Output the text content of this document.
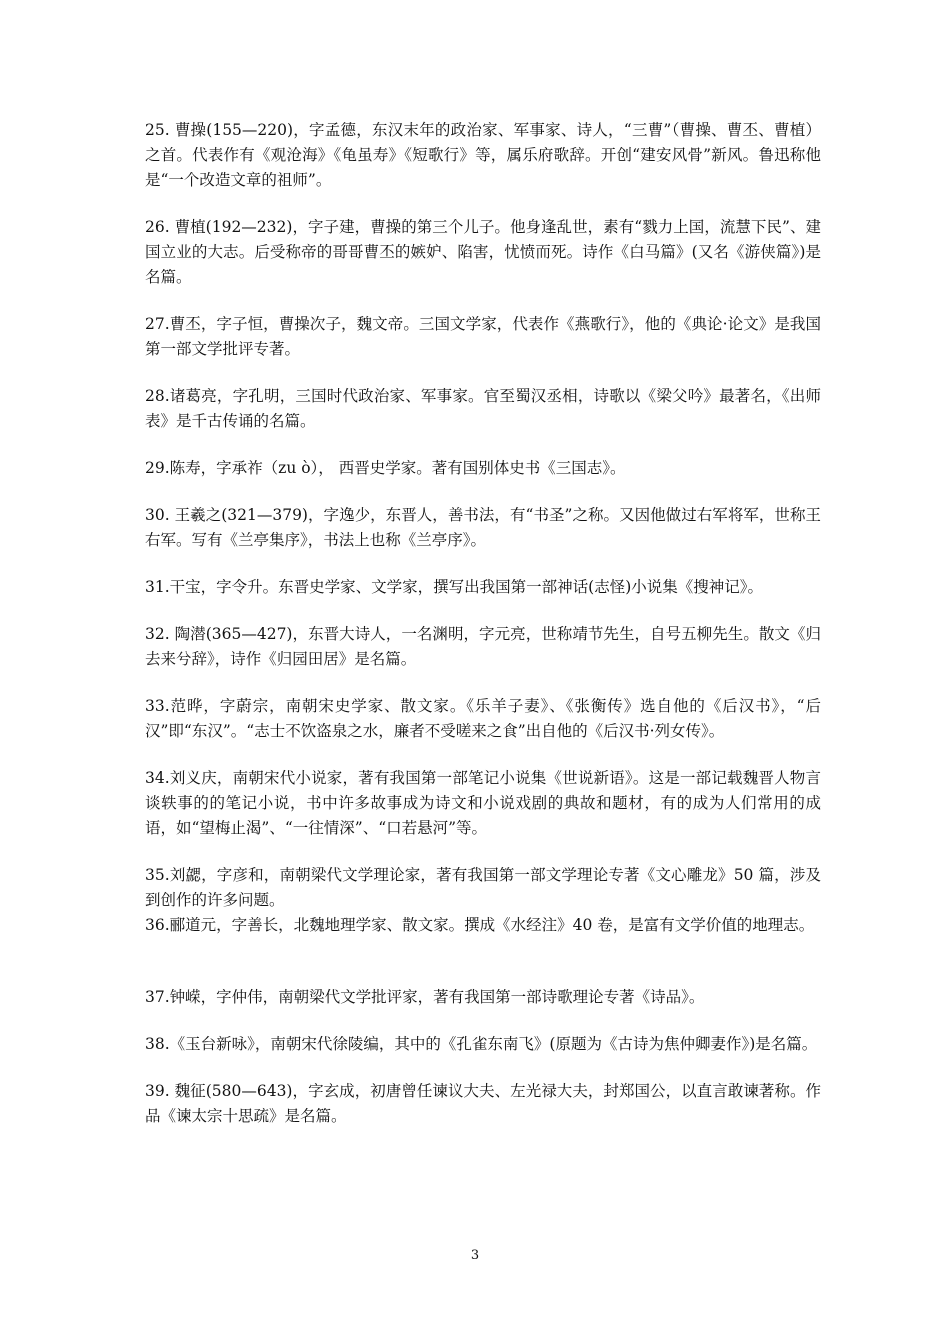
25. 曹操(155—220)，字孟德，东汉末年的政治家、军事家、诗人，“三曹”（曹操、曹丕、曹植）之首。代表作有《观沧海》《龟虽寿》《短歌行》等，属乐府歌辞。开创“建安风骨”新风。鲁迅称他是“一个改造文章的祖师”。

26. 曹植(192—232)，字子建，曹操的第三个儿子。他身逢乱世，素有“戮力上国，流慧下民”、建国立业的大志。后受称帝的哥哥曹丕的嫉妒、陷害，忧愤而死。诗作《白马篇》(又名《游侠篇》)是名篇。

27.曹丕，字子恒，曹操次子，魏文帝。三国文学家，代表作《燕歌行》，他的《典论·论文》是我国第一部文学批评专著。

28.诸葛亮，字孔明，三国时代政治家、军事家。官至蜀汉丞相，诗歌以《梁父吟》最著名，《出师表》是千古传诵的名篇。

29.陈寿，字承祚（zu ò）， 西晋史学家。著有国别体史书《三国志》。

30. 王羲之(321—379)，字逸少，东晋人，善书法，有“书圣”之称。又因他做过右军将军，世称王右军。写有《兰亭集序》，书法上也称《兰亭序》。

31.干宝，字令升。东晋史学家、文学家，撰写出我国第一部神话(志怪)小说集《搜神记》。

32. 陶潜(365—427)，东晋大诗人，一名渊明，字元亮，世称靖节先生，自号五柳先生。散文《归去来兮辞》，诗作《归园田居》是名篇。

33.范晔，字蔚宗，南朝宋史学家、散文家。《乐羊子妻》、《张衡传》选自他的《后汉书》，“后汉”即“东汉”。“志士不饮盗泉之水，廉者不受嗟来之食”出自他的《后汉书·列女传》。

34.刘义庆，南朝宋代小说家，著有我国第一部笔记小说集《世说新语》。这是一部记载魏晋人物言谈轶事的的笔记小说，书中许多故事成为诗文和小说戏剧的典故和题材，有的成为人们常用的成语，如“望梅止渴”、“一往情深”、“口若悬河”等。

35.刘勰，字彦和，南朝梁代文学理论家，著有我国第一部文学理论专著《文心雕龙》50 篇，涉及到创作的许多问题。

36.郦道元，字善长，北魏地理学家、散文家。撰成《水经注》40 卷，是富有文学价值的地理志。

37.钟嵘，字仲伟，南朝梁代文学批评家，著有我国第一部诗歌理论专著《诗品》。

38.《玉台新咏》，南朝宋代徐陵编，其中的《孔雀东南飞》(原题为《古诗为焦仲卿妻作》)是名篇。

39. 魏征(580—643)，字玄成，初唐曾任谏议大夫、左光禄大夫，封郑国公，以直言敢谏著称。作品《谏太宗十思疏》是名篇。

3
